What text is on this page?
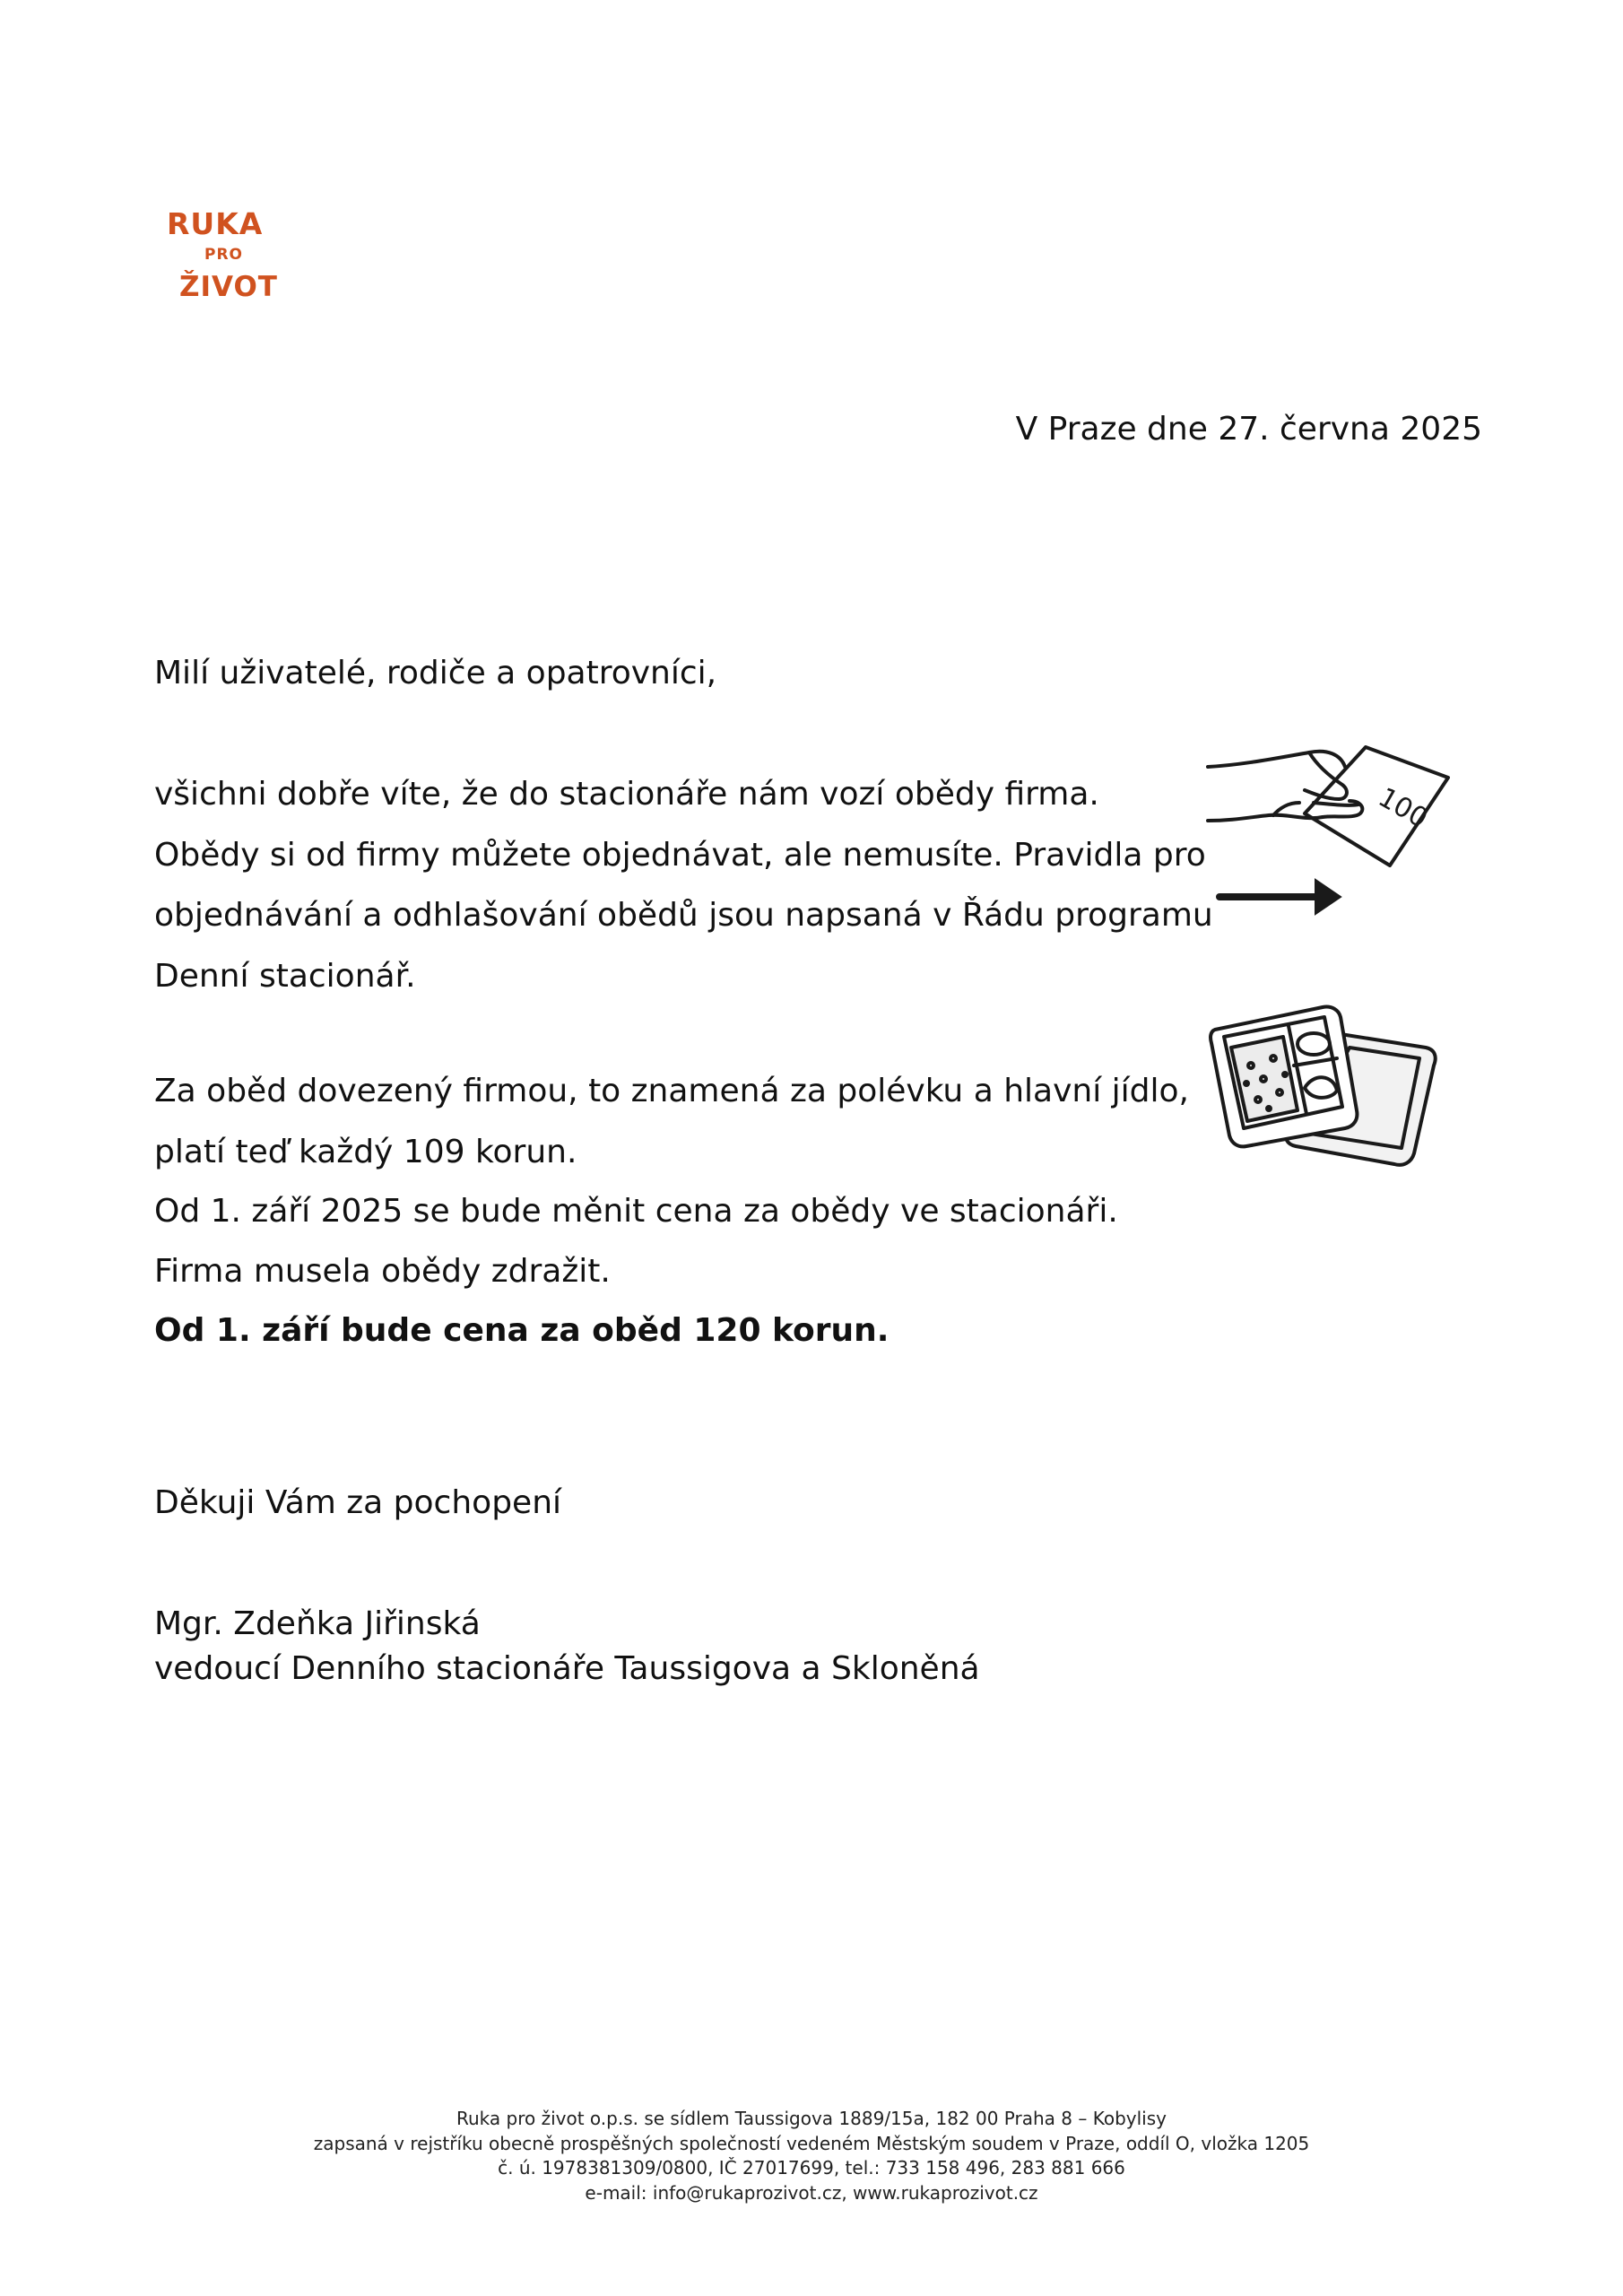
RUKA
PRO
ŽIVOT
V Praze dne 27. června 2025
Milí uživatelé, rodiče a opatrovníci,
všichni dobře víte, že do stacionáře nám vozí obědy firma.
Obědy si od firmy můžete objednávat, ale nemusíte. Pravidla pro
objednávání a odhlašování obědů jsou napsaná v Řádu programu
Denní stacionář.
Za oběd dovezený firmou, to znamená za polévku a hlavní jídlo,
platí teď každý 109 korun.
Od 1. září 2025 se bude měnit cena za obědy ve stacionáři.
Firma musela obědy zdražit.
Od 1. září bude cena za oběd 120 korun.
Děkuji Vám za pochopení
Mgr. Zdeňka Jiřinská
vedoucí Denního stacionáře Taussigova a Skloněná
100
Ruka pro život o.p.s. se sídlem Taussigova 1889/15a, 182 00 Praha 8 – Kobylisy
zapsaná v rejstříku obecně prospěšných společností vedeném Městským soudem v Praze, oddíl O, vložka 1205
č. ú. 1978381309/0800, IČ 27017699, tel.: 733 158 496, 283 881 666
e-mail: info@rukaprozivot.cz, www.rukaprozivot.cz
